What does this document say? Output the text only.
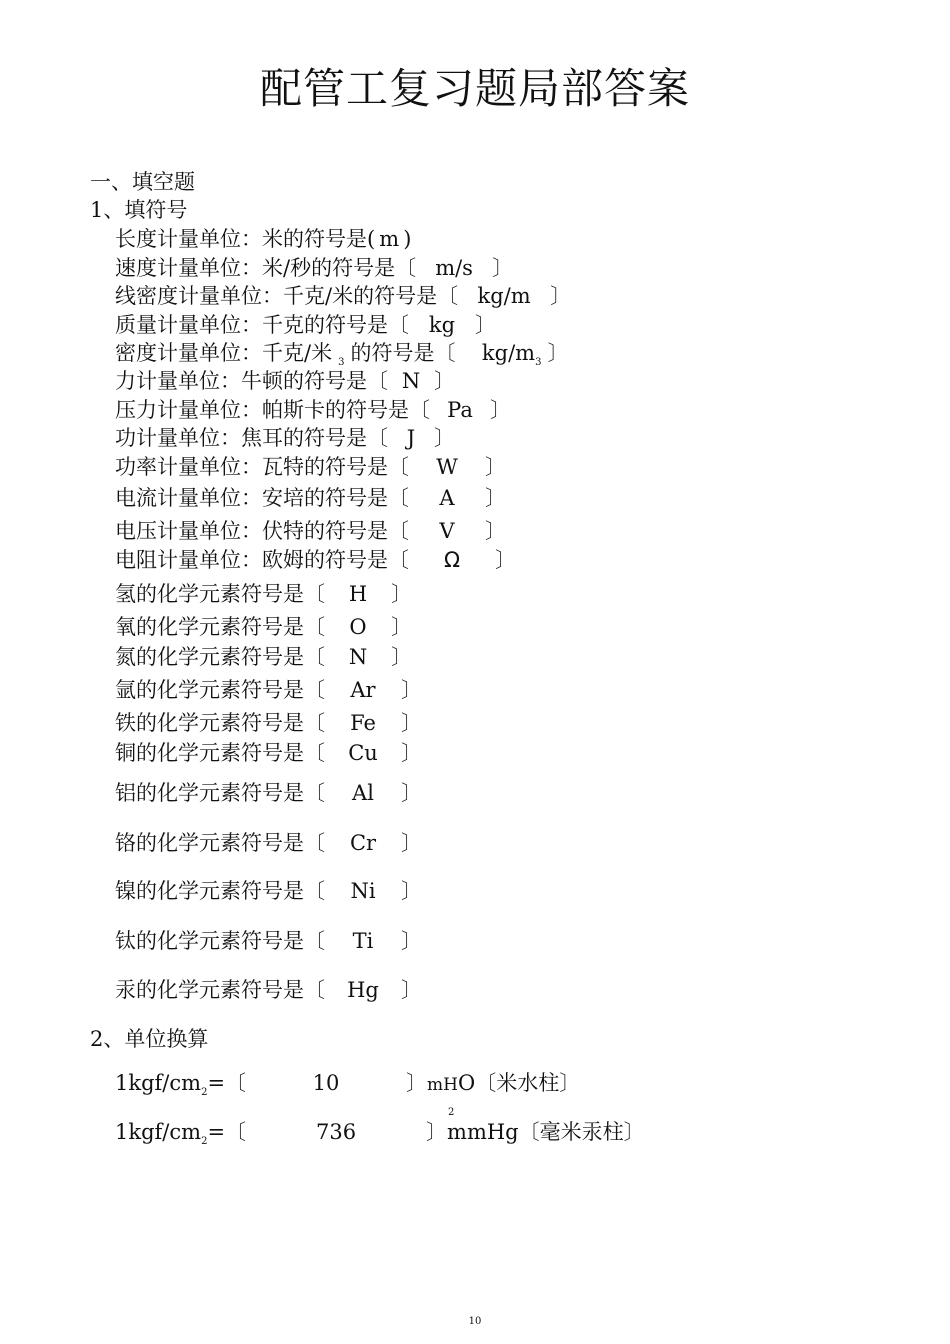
配管工复习题局部答案
一、填空题
1、填符号
长度计量单位：米的符号是( m )
速度计量单位：米/秒的符号是〔 m/s 〕
线密度计量单位：千克/米的符号是〔 kg/m 〕
质量计量单位：千克的符号是〔 kg 〕
密度计量单位：千克/米 $_3$ 的符号是〔 $kg/m_3$ 〕
力计量单位：牛顿的符号是〔 N 〕
压力计量单位：帕斯卡的符号是〔 Pa 〕
功计量单位：焦耳的符号是〔 J 〕
功率计量单位：瓦特的符号是〔 W 〕
电流计量单位：安培的符号是〔 A 〕
电压计量单位：伏特的符号是〔 V 〕
电阻计量单位：欧姆的符号是〔 Ω 〕
氢的化学元素符号是〔 H 〕
氧的化学元素符号是〔 O 〕
氮的化学元素符号是〔 N 〕
氩的化学元素符号是〔 Ar 〕
铁的化学元素符号是〔 Fe 〕
铜的化学元素符号是〔 Cu 〕
铝的化学元素符号是〔 Al 〕
铬的化学元素符号是〔 Cr 〕
镍的化学元素符号是〔 Ni 〕
钛的化学元素符号是〔 Ti 〕
汞的化学元素符号是〔 Hg 〕
2、单位换算
$1kgf/cm_2=$〔	10	〕mH
2
O〔米水柱〕
$1kgf/cm_2=$〔	736	〕mmHg〔毫米汞柱〕
10
